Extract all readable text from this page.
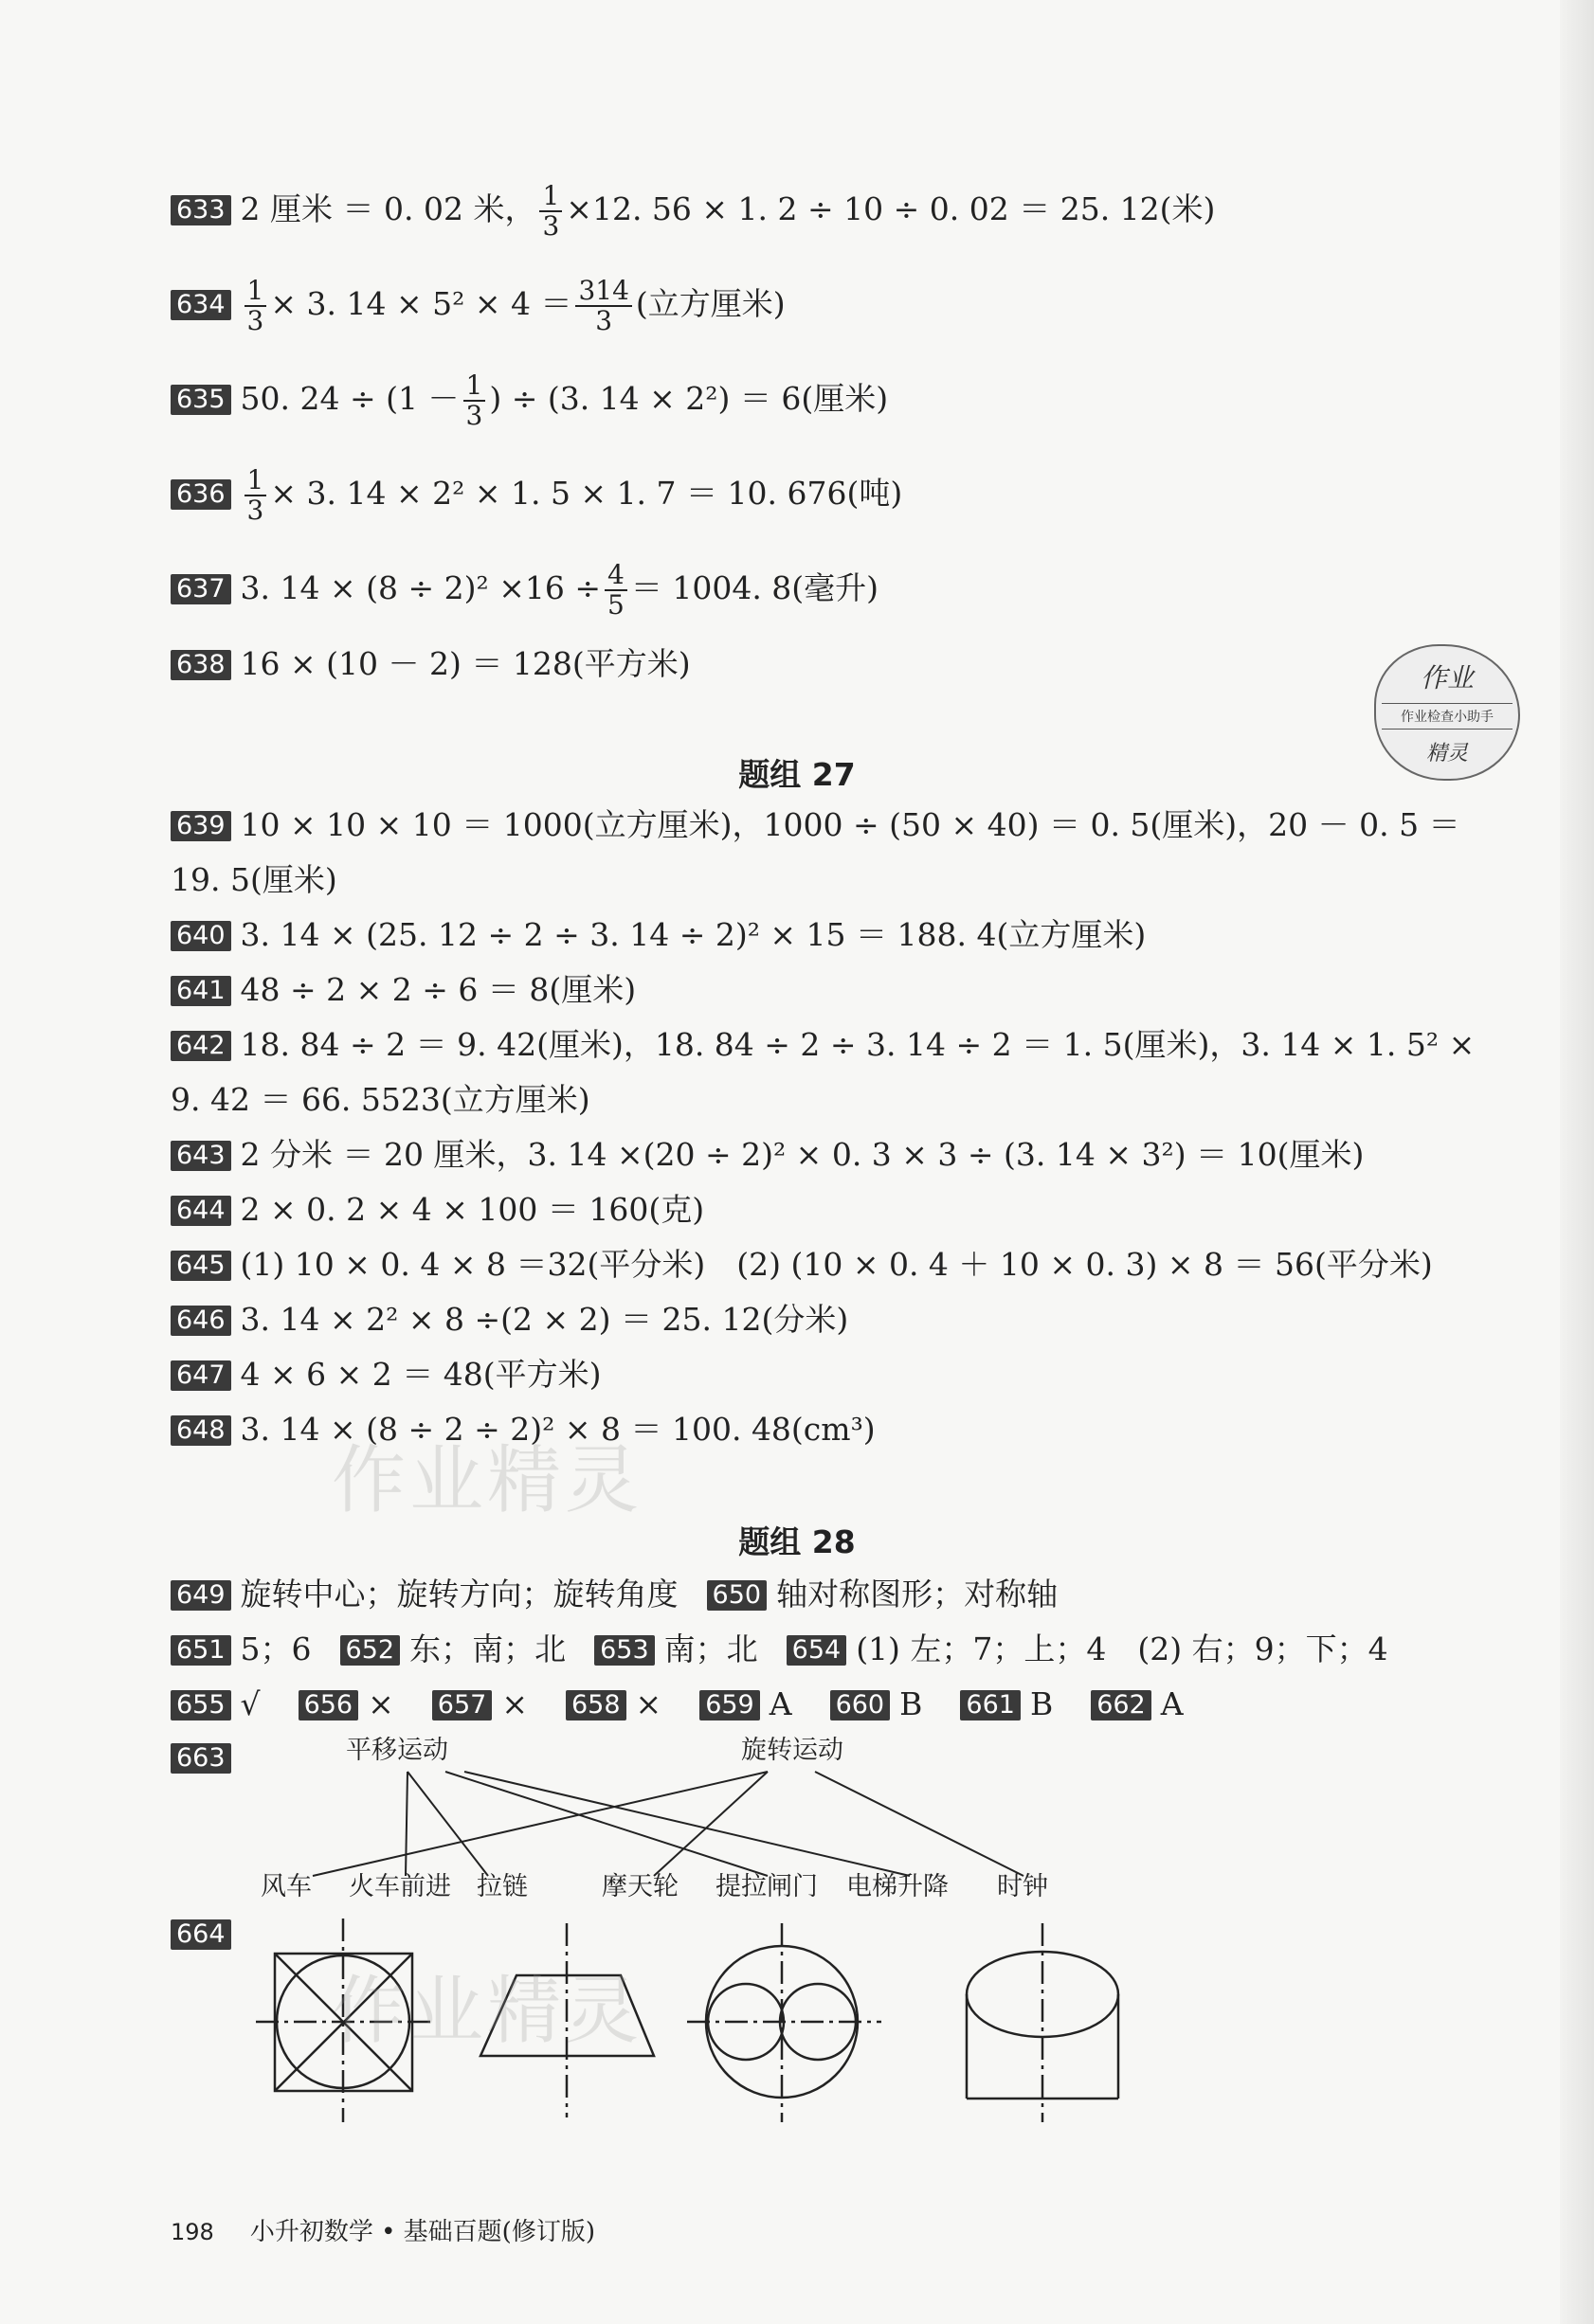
633 2 厘米 ＝ 0. 02 米， $\frac{1}{3} \times 12$. 56 × 1. 2 ÷ 10 ÷ 0. 02 ＝ 25. 12(米)
$634 \frac{1}{3} \times 3$. $14 \times 5^2 \times 4 = \frac{314}{3}$ (立方厘米)
635 50. $24 \div (1 - \frac{1}{3}$ ) ÷ (3. 14 × 2²) ＝ 6(厘米)
$636 \frac{1}{3} \times 3$. 14 × 2² × 1. 5 × 1. 7 ＝ 10. 676(吨)
637 3. $14 \times (8 \div 2)^2 \times 16 \div \frac{4}{5} = 1004$. 8(毫升)
638 16 × (10 － 2) ＝ 128(平方米)	作业
作业检查小助手
精灵
题组 27
639 10 × 10 × 10 ＝ 1000(立方厘米)，1000 ÷ (50 × 40) ＝ 0. 5(厘米)，20 － 0. 5 ＝
19. 5(厘米)
640 3. 14 × (25. 12 ÷ 2 ÷ 3. 14 ÷ 2)² × 15 ＝ 188. 4(立方厘米)
641 48 ÷ 2 × 2 ÷ 6 ＝ 8(厘米)
642 18. 84 ÷ 2 ＝ 9. 42(厘米)，18. 84 ÷ 2 ÷ 3. 14 ÷ 2 ＝ 1. 5(厘米)，3. 14 × 1. 5² ×
9. 42 ＝ 66. 5523(立方厘米)
643 2 分米 ＝ 20 厘米，3. 14 ×(20 ÷ 2)² × 0. 3 × 3 ÷ (3. 14 × 3²) ＝ 10(厘米)
644 2 × 0. 2 × 4 × 100 ＝ 160(克)
645 (1) 10 × 0. 4 × 8 ＝32(平分米)　(2) (10 × 0. 4 ＋ 10 × 0. 3) × 8 ＝ 56(平分米)
646 3. 14 × 2² × 8 ÷(2 × 2) ＝ 25. 12(分米)
647 4 × 6 × 2 ＝ 48(平方米)
648 3. 14 × (8 ÷ 2 ÷ 2)² × 8 ＝ 100. 48(cm³)
作业精灵
题组 28
649 旋转中心；旋转方向；旋转角度 650 轴对称图形；对称轴
651 5；6 652 东；南；北 653 南；北 654 (1) 左；7；上；4　(2) 右；9；下；4
655 √ 656 × 657 × 658 × 659 A 660 B 661 B 662 A
663	平移运动	旋转运动
风车 火车前进 拉链	摩天轮 提拉闸门 电梯升降 时钟
664
作业精灵
198 小升初数学 • 基础百题(修订版)
